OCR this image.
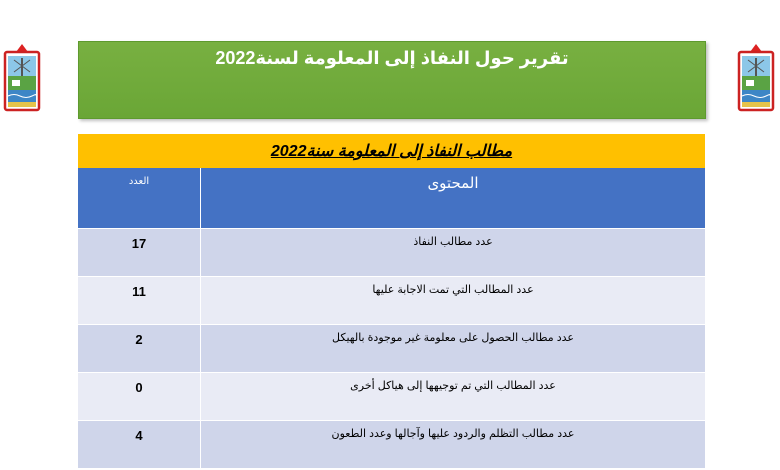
تقرير حول النفاذ إلى المعلومة لسنة2022
مطالب النفاذ إلى المعلومة سنة2022	
المحتوى	العدد
عدد مطالب النفاذ	17
عدد المطالب التي تمت الاجابة عليها	11
عدد مطالب الحصول على معلومة غير موجودة بالهيكل	2
عدد المطالب التي تم توجيهها إلى هياكل أخرى	0
عدد مطالب التظلم والردود عليها وآجالها وعدد الطعون	4
